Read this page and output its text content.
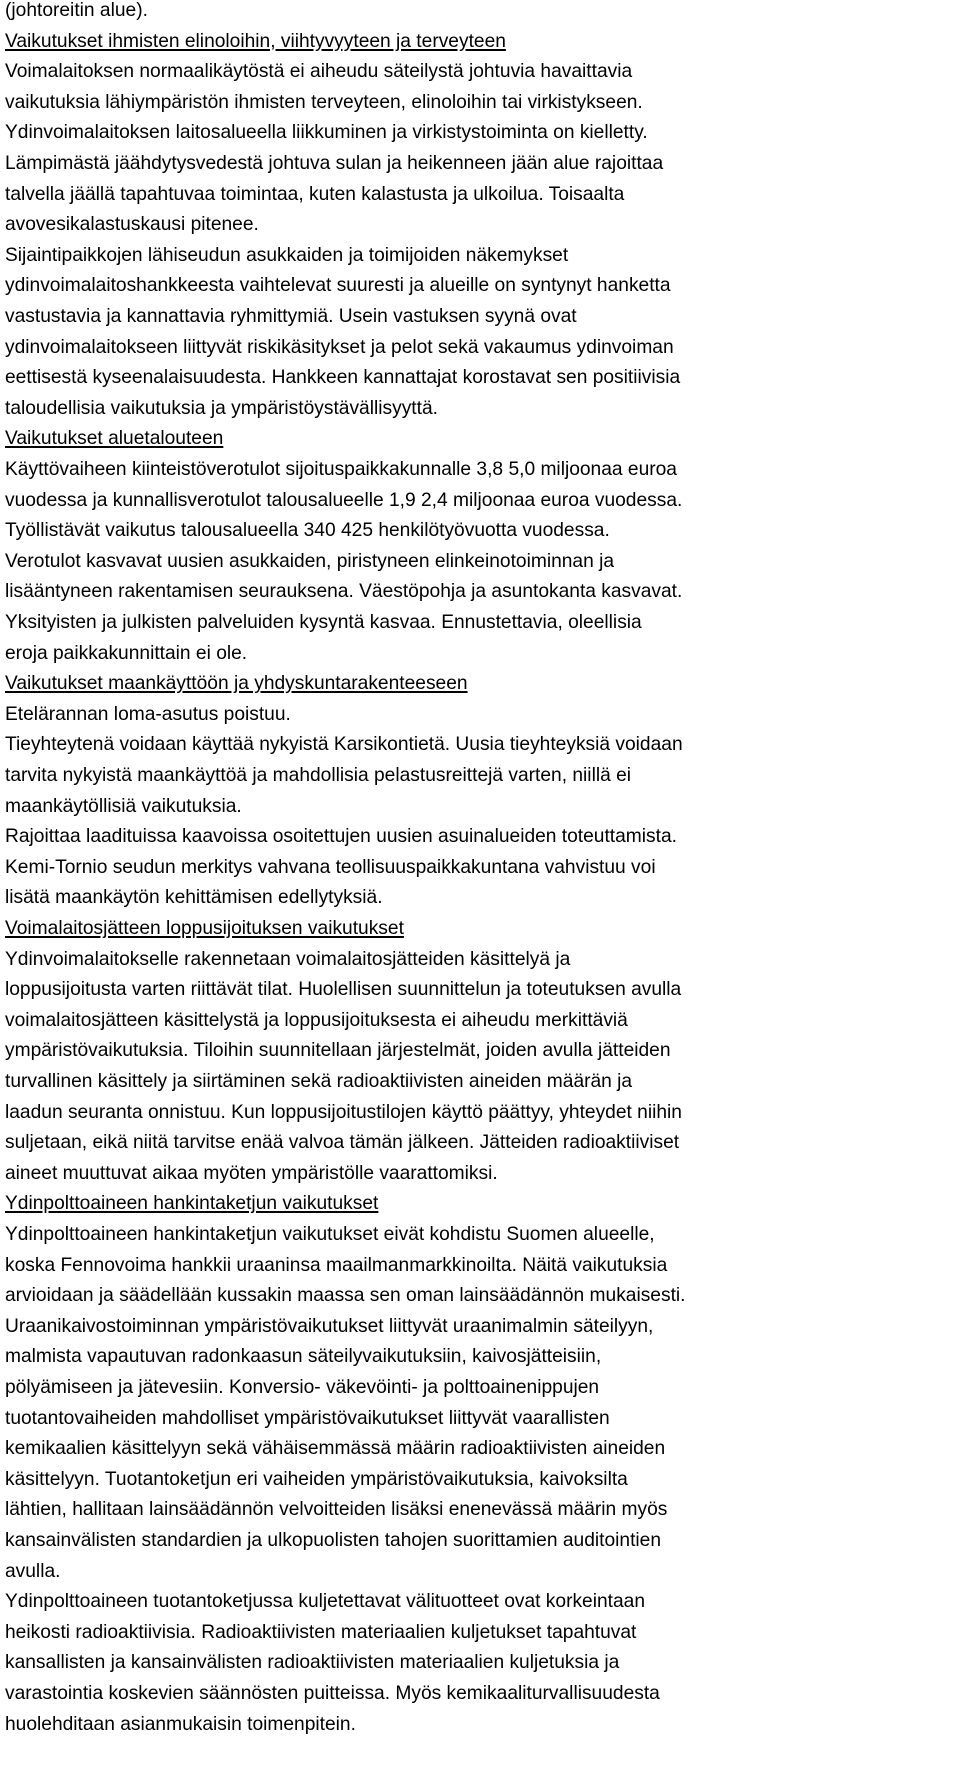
(johtoreitin alue).
Vaikutukset ihmisten elinoloihin, viihtyvyyteen ja terveyteen
Voimalaitoksen normaalikäytöstä ei aiheudu säteilystä johtuvia havaittavia
vaikutuksia lähiympäristön ihmisten terveyteen, elinoloihin tai virkistykseen.
Ydinvoimalaitoksen laitosalueella liikkuminen ja virkistystoiminta on kielletty.
Lämpimästä jäähdytysvedestä johtuva sulan ja heikenneen jään alue rajoittaa
talvella jäällä tapahtuvaa toimintaa, kuten kalastusta ja ulkoilua. Toisaalta
avovesikalastuskausi pitenee.
Sijaintipaikkojen lähiseudun asukkaiden ja toimijoiden näkemykset
ydinvoimalaitoshankkeesta vaihtelevat suuresti ja alueille on syntynyt hanketta
vastustavia ja kannattavia ryhmittymiä. Usein vastuksen syynä ovat
ydinvoimalaitokseen liittyvät riskikäsitykset ja pelot sekä vakaumus ydinvoiman
eettisestä kyseenalaisuudesta. Hankkeen kannattajat korostavat sen positiivisia
taloudellisia vaikutuksia ja ympäristöystävällisyyttä.
Vaikutukset aluetalouteen
Käyttövaiheen kiinteistöverotulot sijoituspaikkakunnalle 3,8 5,0 miljoonaa euroa
vuodessa ja kunnallisverotulot talousalueelle 1,9 2,4 miljoonaa euroa vuodessa.
Työllistävät vaikutus talousalueella 340 425 henkilötyövuotta vuodessa.
Verotulot kasvavat uusien asukkaiden, piristyneen elinkeinotoiminnan ja
lisääntyneen rakentamisen seurauksena. Väestöpohja ja asuntokanta kasvavat.
Yksityisten ja julkisten palveluiden kysyntä kasvaa. Ennustettavia, oleellisia
eroja paikkakunnittain ei ole.
Vaikutukset maankäyttöön ja yhdyskuntarakenteeseen
Etelärannan loma-asutus poistuu.
Tieyhteytenä voidaan käyttää nykyistä Karsikontietä. Uusia tieyhteyksiä voidaan
tarvita nykyistä maankäyttöä ja mahdollisia pelastusreittejä varten, niillä ei
maankäytöllisiä vaikutuksia.
Rajoittaa laadituissa kaavoissa osoitettujen uusien asuinalueiden toteuttamista.
Kemi-Tornio seudun merkitys vahvana teollisuuspaikkakuntana vahvistuu voi
lisätä maankäytön kehittämisen edellytyksiä.
Voimalaitosjätteen loppusijoituksen vaikutukset
Ydinvoimalaitokselle rakennetaan voimalaitosjätteiden käsittelyä ja
loppusijoitusta varten riittävät tilat. Huolellisen suunnittelun ja toteutuksen avulla
voimalaitosjätteen käsittelystä ja loppusijoituksesta ei aiheudu merkittäviä
ympäristövaikutuksia. Tiloihin suunnitellaan järjestelmät, joiden avulla jätteiden
turvallinen käsittely ja siirtäminen sekä radioaktiivisten aineiden määrän ja
laadun seuranta onnistuu. Kun loppusijoitustilojen käyttö päättyy, yhteydet niihin
suljetaan, eikä niitä tarvitse enää valvoa tämän jälkeen. Jätteiden radioaktiiviset
aineet muuttuvat aikaa myöten ympäristölle vaarattomiksi.
Ydinpolttoaineen hankintaketjun vaikutukset
Ydinpolttoaineen hankintaketjun vaikutukset eivät kohdistu Suomen alueelle,
koska Fennovoima hankkii uraaninsa maailmanmarkkinoilta. Näitä vaikutuksia
arvioidaan ja säädellään kussakin maassa sen oman lainsäädännön mukaisesti.
Uraanikaivostoiminnan ympäristövaikutukset liittyvät uraanimalmin säteilyyn,
malmista vapautuvan radonkaasun säteilyvaikutuksiin, kaivosjätteisiin,
pölyämiseen ja jätevesiin. Konversio- väkevöinti- ja polttoainenippujen
tuotantovaiheiden mahdolliset ympäristövaikutukset liittyvät vaarallisten
kemikaalien käsittelyyn sekä vähäisemmässä määrin radioaktiivisten aineiden
käsittelyyn. Tuotantoketjun eri vaiheiden ympäristövaikutuksia, kaivoksilta
lähtien, hallitaan lainsäädännön velvoitteiden lisäksi enenevässä määrin myös
kansainvälisten standardien ja ulkopuolisten tahojen suorittamien auditointien
avulla.
Ydinpolttoaineen tuotantoketjussa kuljetettavat välituotteet ovat korkeintaan
heikosti radioaktiivisia. Radioaktiivisten materiaalien kuljetukset tapahtuvat
kansallisten ja kansainvälisten radioaktiivisten materiaalien kuljetuksia ja
varastointia koskevien säännösten puitteissa. Myös kemikaaliturvallisuudesta
huolehditaan asianmukaisin toimenpitein.
